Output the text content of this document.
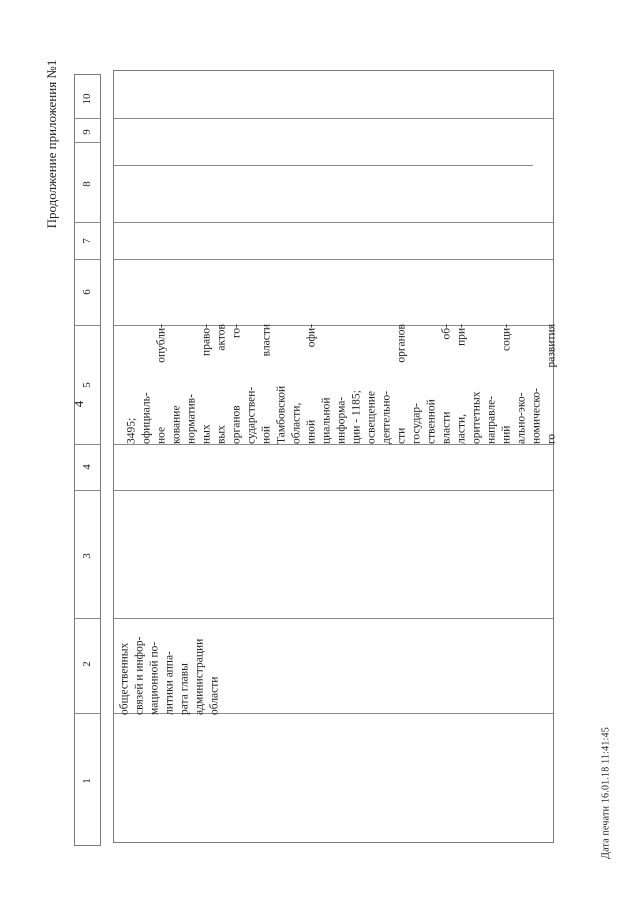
4
Продолжение приложения №1
Дата печати 16.01.18 11:41:45
10
9
8
7
6
5
4
3
2
1
общественных связей и инфор- мационной по- литики аппа- рата главы администрации области
3495; официаль- ное опубли- кование норматив- ных право- вых актов органов го- сударствен- ной власти Тамбовской области, иной офи- циальной информа- ции - 1185; освещение деятельно- сти органов государ- ственной власти об- ласти, при- оритетных направле- ний соци- ально-эко- номическо- го развития
